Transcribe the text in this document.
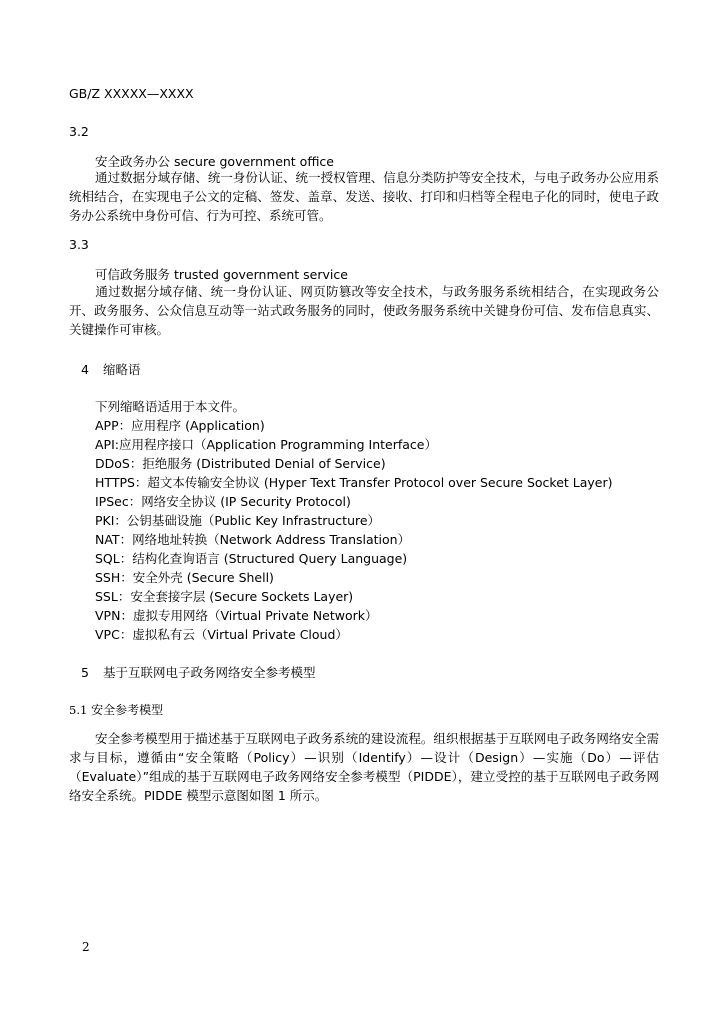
GB/Z XXXXX—XXXX
3.2
安全政务办公 secure government office
通过数据分域存储、统一身份认证、统一授权管理、信息分类防护等安全技术，与电子政务办公应用系统相结合，在实现电子公文的定稿、签发、盖章、发送、接收、打印和归档等全程电子化的同时，使电子政务办公系统中身份可信、行为可控、系统可管。
3.3
可信政务服务 trusted government service
通过数据分域存储、统一身份认证、网页防篡改等安全技术，与政务服务系统相结合，在实现政务公开、政务服务、公众信息互动等一站式政务服务的同时，使政务服务系统中关键身份可信、发布信息真实、关键操作可审核。
4 缩略语
下列缩略语适用于本文件。
APP：应用程序 (Application)
API:应用程序接口（Application Programming Interface）
DDoS：拒绝服务 (Distributed Denial of Service)
HTTPS：超文本传输安全协议 (Hyper Text Transfer Protocol over Secure Socket Layer)
IPSec：网络安全协议 (IP Security Protocol)
PKI：公钥基础设施（Public Key Infrastructure）
NAT：网络地址转换（Network Address Translation）
SQL：结构化查询语言 (Structured Query Language)
SSH：安全外壳 (Secure Shell)
SSL：安全套接字层 (Secure Sockets Layer)
VPN：虚拟专用网络（Virtual Private Network）
VPC：虚拟私有云（Virtual Private Cloud）
5 基于互联网电子政务网络安全参考模型
5.1 安全参考模型
安全参考模型用于描述基于互联网电子政务系统的建设流程。组织根据基于互联网电子政务网络安全需求与目标，遵循由“安全策略（Policy）—识别（Identify）—设计（Design）—实施（Do）—评估（Evaluate）”组成的基于互联网电子政务网络安全参考模型（PIDDE），建立受控的基于互联网电子政务网络安全系统。PIDDE 模型示意图如图 1 所示。
2
